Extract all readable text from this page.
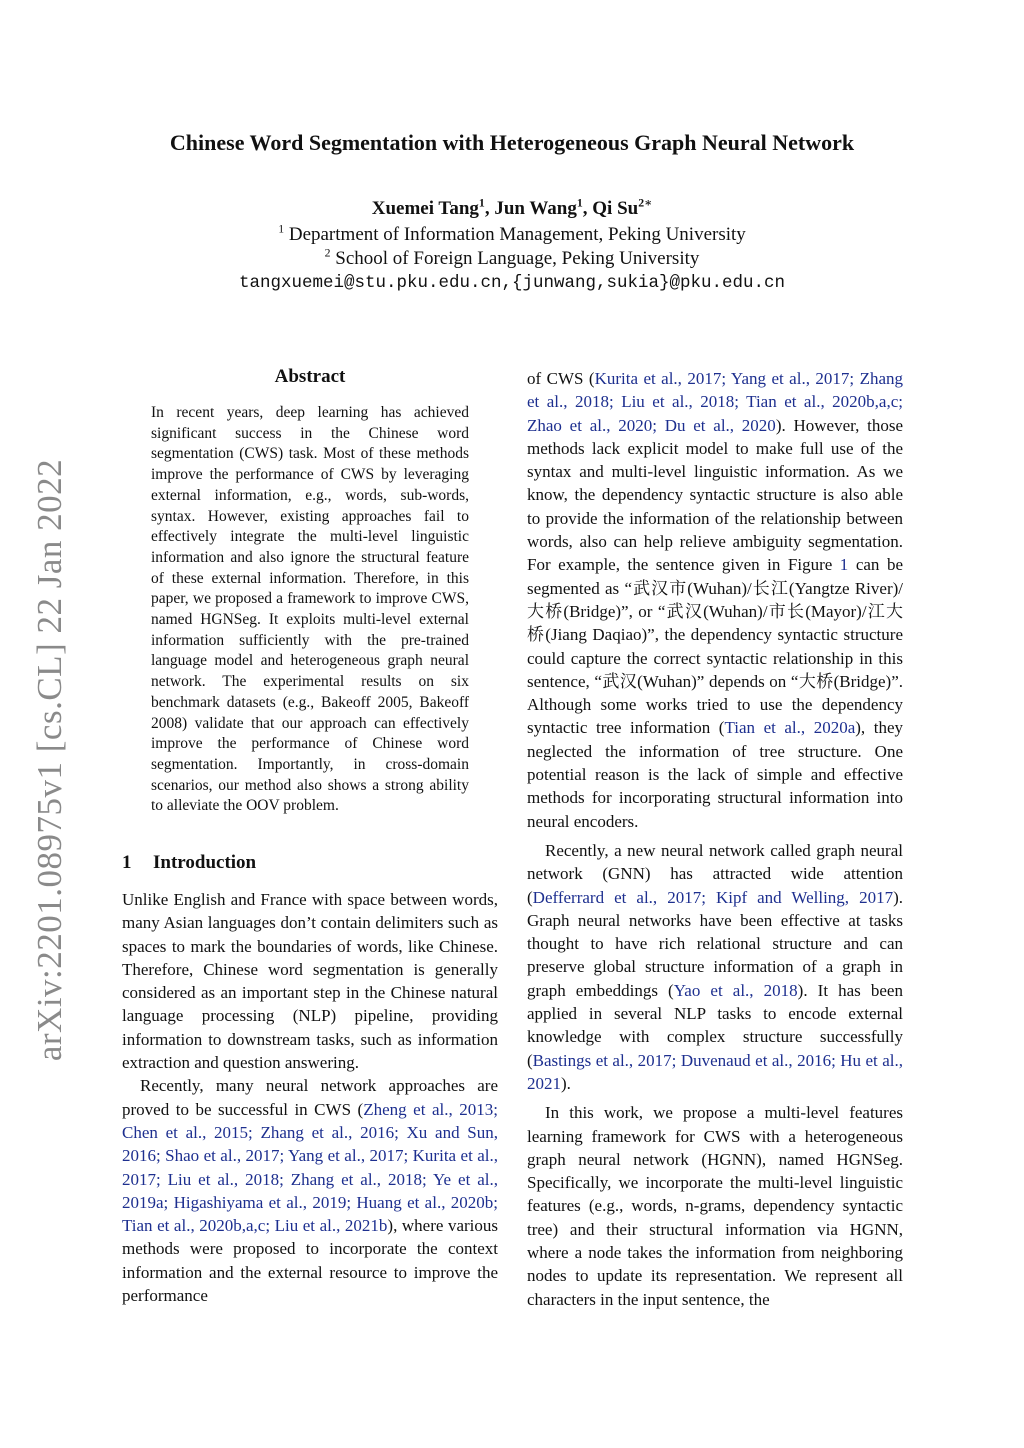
arXiv:2201.08975v1 [cs.CL] 22 Jan 2022
Chinese Word Segmentation with Heterogeneous Graph Neural Network
Xuemei Tang$^1$, Jun Wang$^1$, Qi $Su^{2∗}$
$^1$ Department of Information Management, Peking University
$^2$ School of Foreign Language, Peking University
tangxuemei@stu.pku.edu.cn,{junwang,sukia}@pku.edu.cn
Abstract

In recent years, deep learning has achieved significant success in the Chinese word segmentation (CWS) task. Most of these methods improve the performance of CWS by leveraging external information, e.g., words, sub-words, syntax. However, existing approaches fail to effectively integrate the multi-level linguistic information and also ignore the structural feature of these external information. Therefore, in this paper, we proposed a framework to improve CWS, named HGNSeg. It exploits multi-level external information sufficiently with the pre-trained language model and heterogeneous graph neural network. The experimental results on six benchmark datasets (e.g., Bakeoff 2005, Bakeoff 2008) validate that our approach can effectively improve the performance of Chinese word segmentation. Importantly, in cross-domain scenarios, our method also shows a strong ability to alleviate the OOV problem.

1 Introduction

Unlike English and France with space between words, many Asian languages don’t contain delimiters such as spaces to mark the boundaries of words, like Chinese. Therefore, Chinese word segmentation is generally considered as an important step in the Chinese natural language processing (NLP) pipeline, providing information to downstream tasks, such as information extraction and question answering.

Recently, many neural network approaches are proved to be successful in CWS (Zheng et al., 2013; Chen et al., 2015; Zhang et al., 2016; Xu and Sun, 2016; Shao et al., 2017; Yang et al., 2017; Kurita et al., 2017; Liu et al., 2018; Zhang et al., 2018; Ye et al., 2019a; Higashiyama et al., 2019; Huang et al., 2020b; Tian et al., 2020b,a,c; Liu et al., 2021b), where various methods were proposed to incorporate the context information and the external resource to improve the performance

of CWS (Kurita et al., 2017; Yang et al., 2017; Zhang et al., 2018; Liu et al., 2018; Tian et al., 2020b,a,c; Zhao et al., 2020; Du et al., 2020). However, those methods lack explicit model to make full use of the syntax and multi-level linguistic information. As we know, the dependency syntactic structure is also able to provide the information of the relationship between words, also can help relieve ambiguity segmentation. For example, the sentence given in Figure 1 can be segmented as “武汉市(Wuhan)/长江(Yangtze River)/大桥(Bridge)”, or “武汉(Wuhan)/市长(Mayor)/江大桥(Jiang Daqiao)”, the dependency syntactic structure could capture the correct syntactic relationship in this sentence, “武汉(Wuhan)” depends on “大桥(Bridge)”. Although some works tried to use the dependency syntactic tree information (Tian et al., 2020a), they neglected the information of tree structure. One potential reason is the lack of simple and effective methods for incorporating structural information into neural encoders.

Recently, a new neural network called graph neural network (GNN) has attracted wide attention (Defferrard et al., 2017; Kipf and Welling, 2017). Graph neural networks have been effective at tasks thought to have rich relational structure and can preserve global structure information of a graph in graph embeddings (Yao et al., 2018). It has been applied in several NLP tasks to encode external knowledge with complex structure successfully (Bastings et al., 2017; Duvenaud et al., 2016; Hu et al., 2021).

In this work, we propose a multi-level features learning framework for CWS with a heterogeneous graph neural network (HGNN), named HGNSeg. Specifically, we incorporate the multi-level linguistic features (e.g., words, n-grams, dependency syntactic tree) and their structural information via HGNN, where a node takes the information from neighboring nodes to update its representation. We represent all characters in the input sentence, the
